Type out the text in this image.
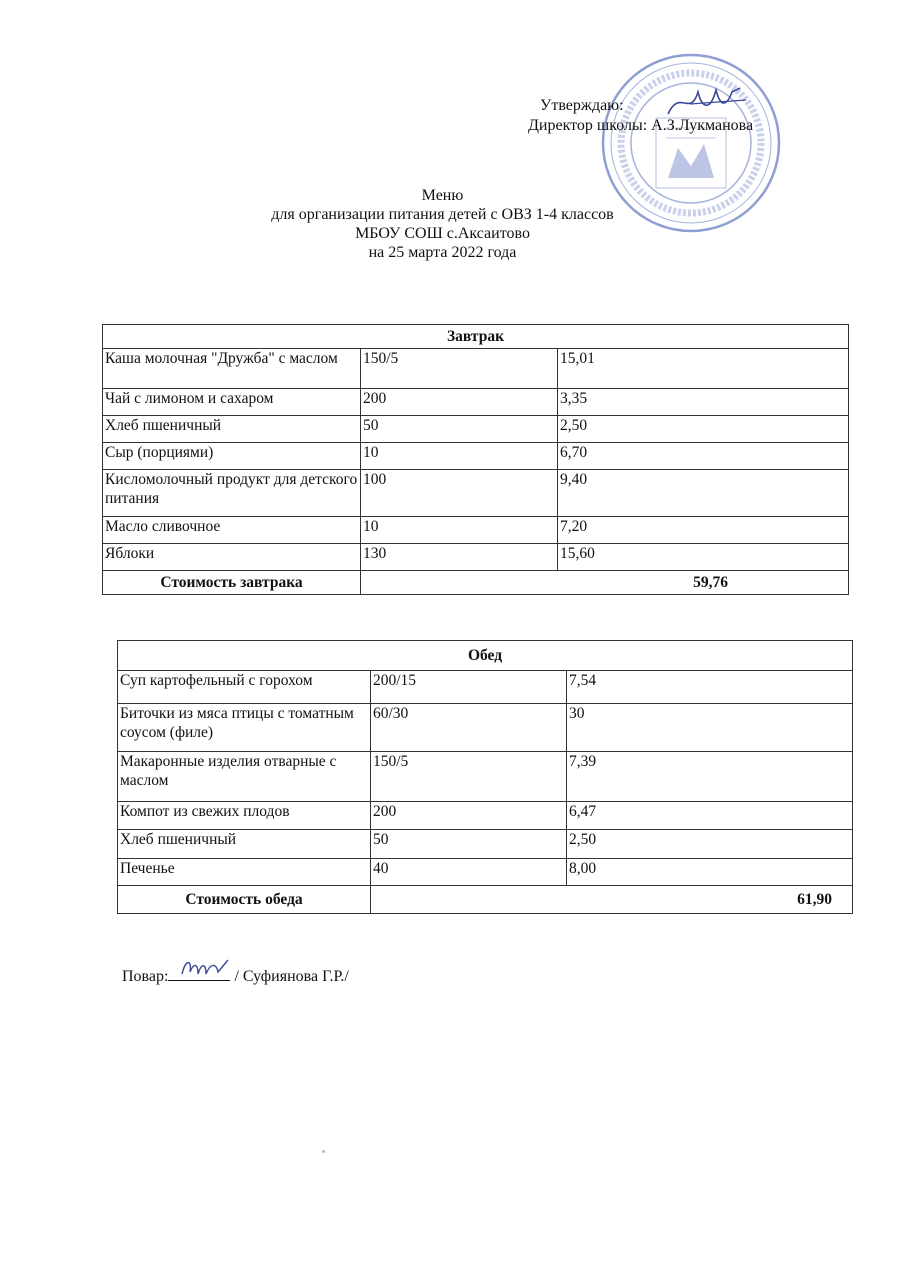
Утверждаю:
Директор школы: А.З.Лукманова
Меню
для организации питания детей с ОВЗ 1-4 классов
МБОУ СОШ с.Аксаитово
на 25 марта 2022 года
Завтрак		
Каша молочная "Дружба" с маслом	150/5	15,01
Чай с лимоном и сахаром	200	3,35
Хлеб пшеничный	50	2,50
Сыр (порциями)	10	6,70
Кисломолочный продукт для детского питания	100	9,40
Масло сливочное	10	7,20
Яблоки	130	15,60
Стоимость завтрака	59,76	
Обед		
Суп картофельный с горохом	200/15	7,54
Биточки из мяса птицы с томатным соусом (филе)	60/30	30
Макаронные изделия отварные с маслом	150/5	7,39
Компот из свежих плодов	200	6,47
Хлеб пшеничный	50	2,50
Печенье	40	8,00
Стоимость обеда	61,90	
Повар:	/ Суфиянова Г.Р./
